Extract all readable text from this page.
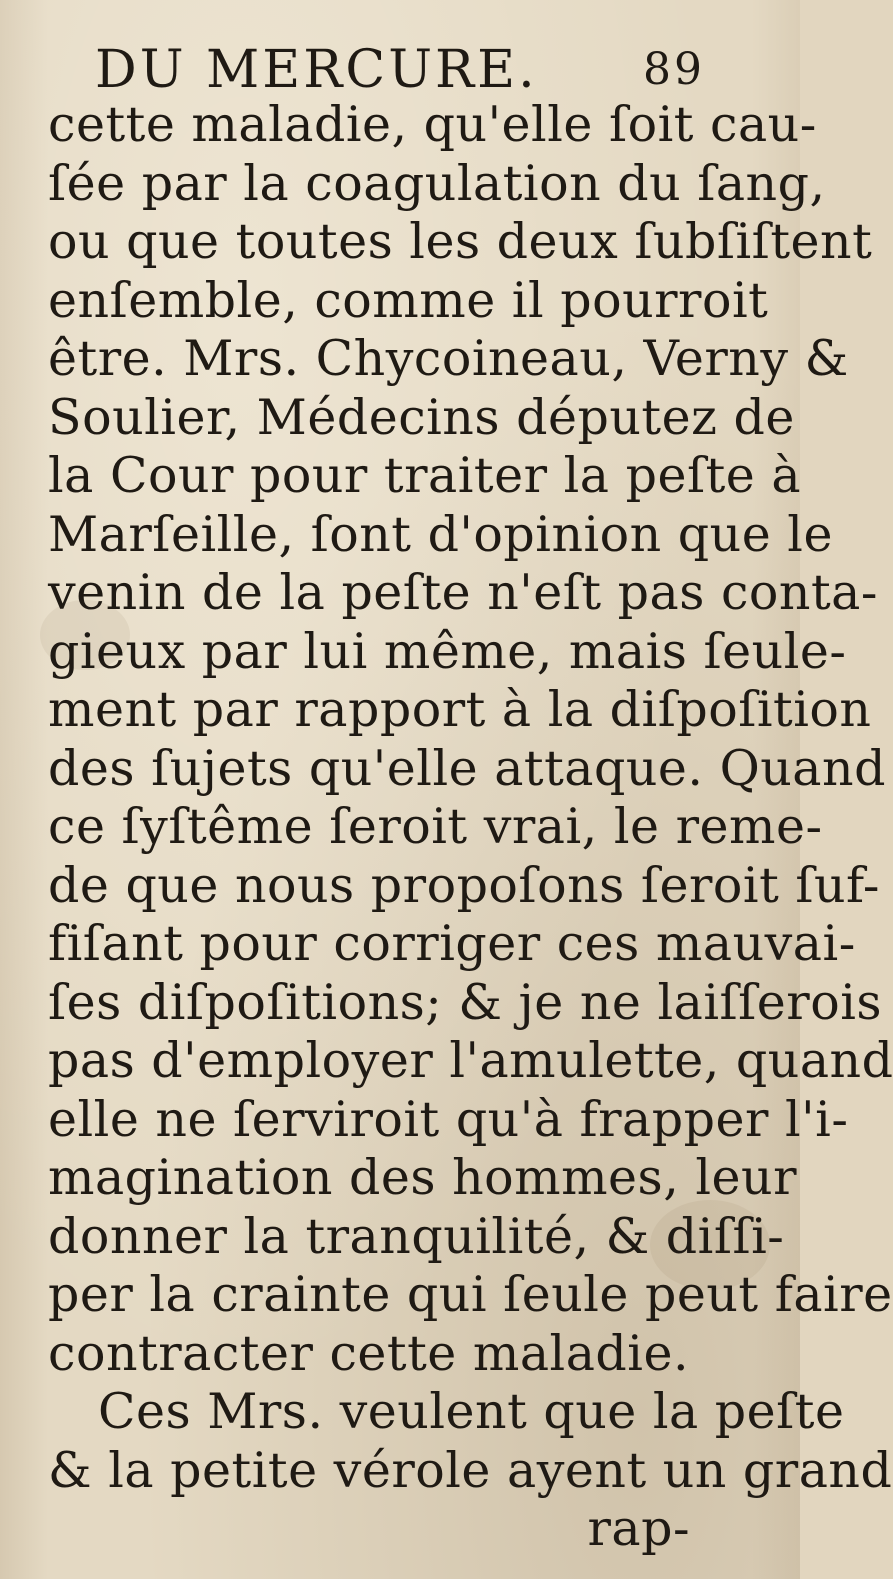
DU MERCURE. 89
cette maladie, qu'elle ſoit cau-
ſée par la coagulation du ſang,
ou que toutes les deux ſubſiſtent
enſemble, comme il pourroit
être. Mrs. Chycoineau, Verny &
Soulier, Médecins députez de
la Cour pour traiter la peſte à
Marſeille, ſont d'opinion que le
venin de la peſte n'eſt pas conta-
gieux par lui même, mais ſeule-
ment par rapport à la diſpoſition
des ſujets qu'elle attaque. Quand
ce ſyſtême ſeroit vrai, le reme-
de que nous propoſons ſeroit ſuf-
fiſant pour corriger ces mauvai-
ſes diſpoſitions; & je ne laiſſerois
pas d'employer l'amulette, quand
elle ne ſerviroit qu'à frapper l'i-
magination des hommes, leur
donner la tranquilité, & diſſi-
per la crainte qui ſeule peut faire
contracter cette maladie.
Ces Mrs. veulent que la peſte
& la petite vérole ayent un grand
rap-
